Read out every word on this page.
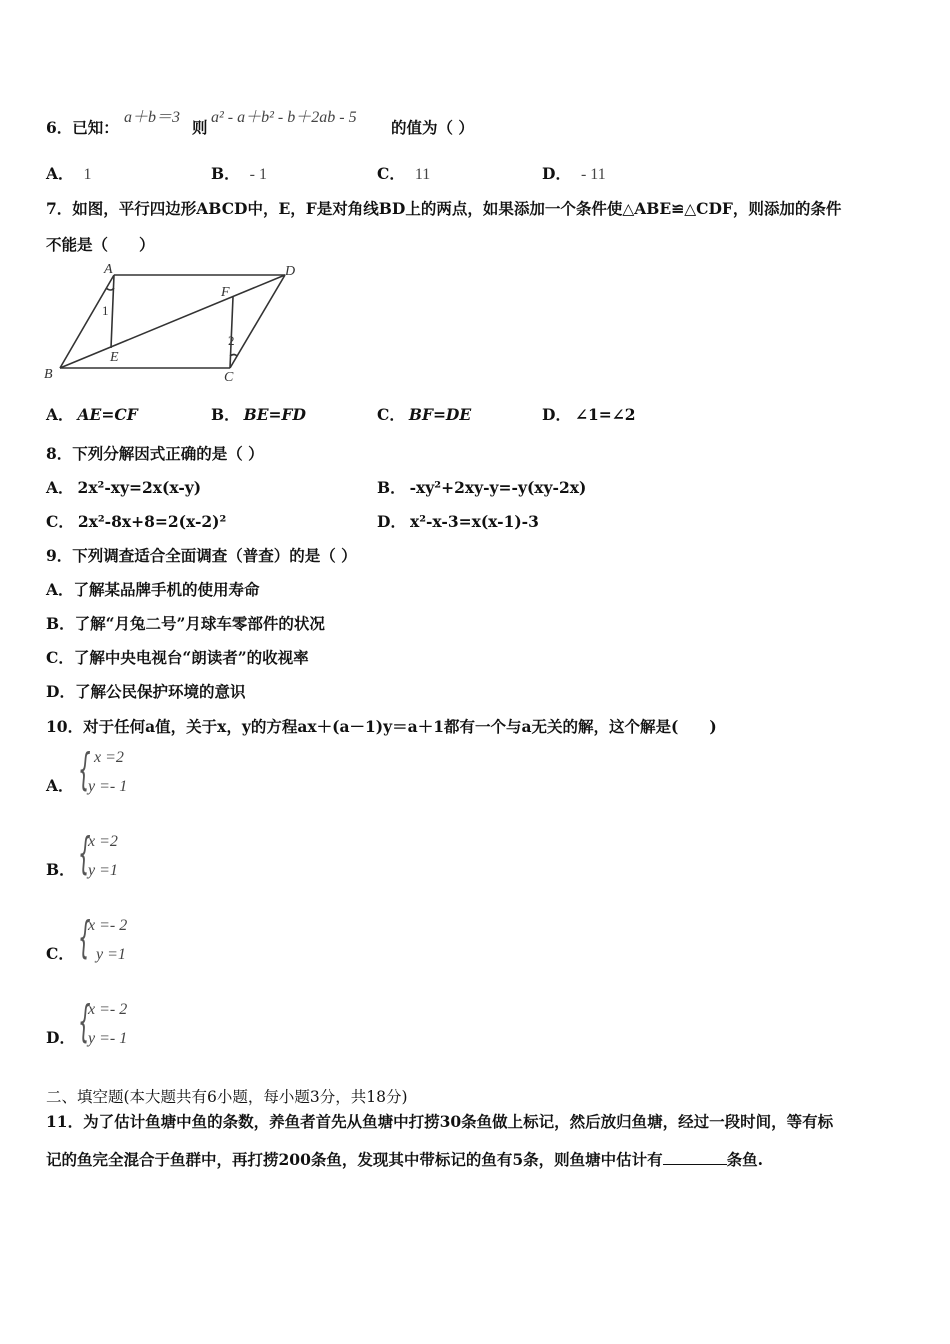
6．已知：
a＋b＝3
则
a² - a＋b² - b＋2ab - 5
的值为（ ）
A． 1	B． - 1	C． 11	D． - 11
7．如图，平行四边形ABCD中，E，F是对角线BD上的两点，如果添加一个条件使△ABE≌△CDF，则添加的条件
不能是（　　）
A	D
B	C
E
F
1
2
A． AE=CF	B． BE=FD	C． BF=DE	D． ∠1=∠2
8．下列分解因式正确的是（ ）
A． 2x²-xy=2x(x-y)	B． -xy²+2xy-y=-y(xy-2x)
C． 2x²-8x+8=2(x-2)²	D． x²-x-3=x(x-1)-3
9．下列调查适合全面调查（普查）的是（ ）
A．了解某品牌手机的使用寿命
B．了解“月兔二号”月球车零部件的状况
C．了解中央电视台“朗读者”的收视率
D．了解公民保护环境的意识
10．对于任何a值，关于x，y的方程ax＋(a－1)y＝a＋1都有一个与a无关的解，这个解是(　　)
A． { x =2
y =- 1
B． {
x =2
y =1
C． {
x =- 2
y =1
D． {
x =- 2
y =- 1
二、填空题(本大题共有6小题，每小题3分，共18分)
11．为了估计鱼塘中鱼的条数，养鱼者首先从鱼塘中打捞30条鱼做上标记，然后放归鱼塘，经过一段时间，等有标
记的鱼完全混合于鱼群中，再打捞200条鱼，发现其中带标记的鱼有5条，则鱼塘中估计有	条鱼.
